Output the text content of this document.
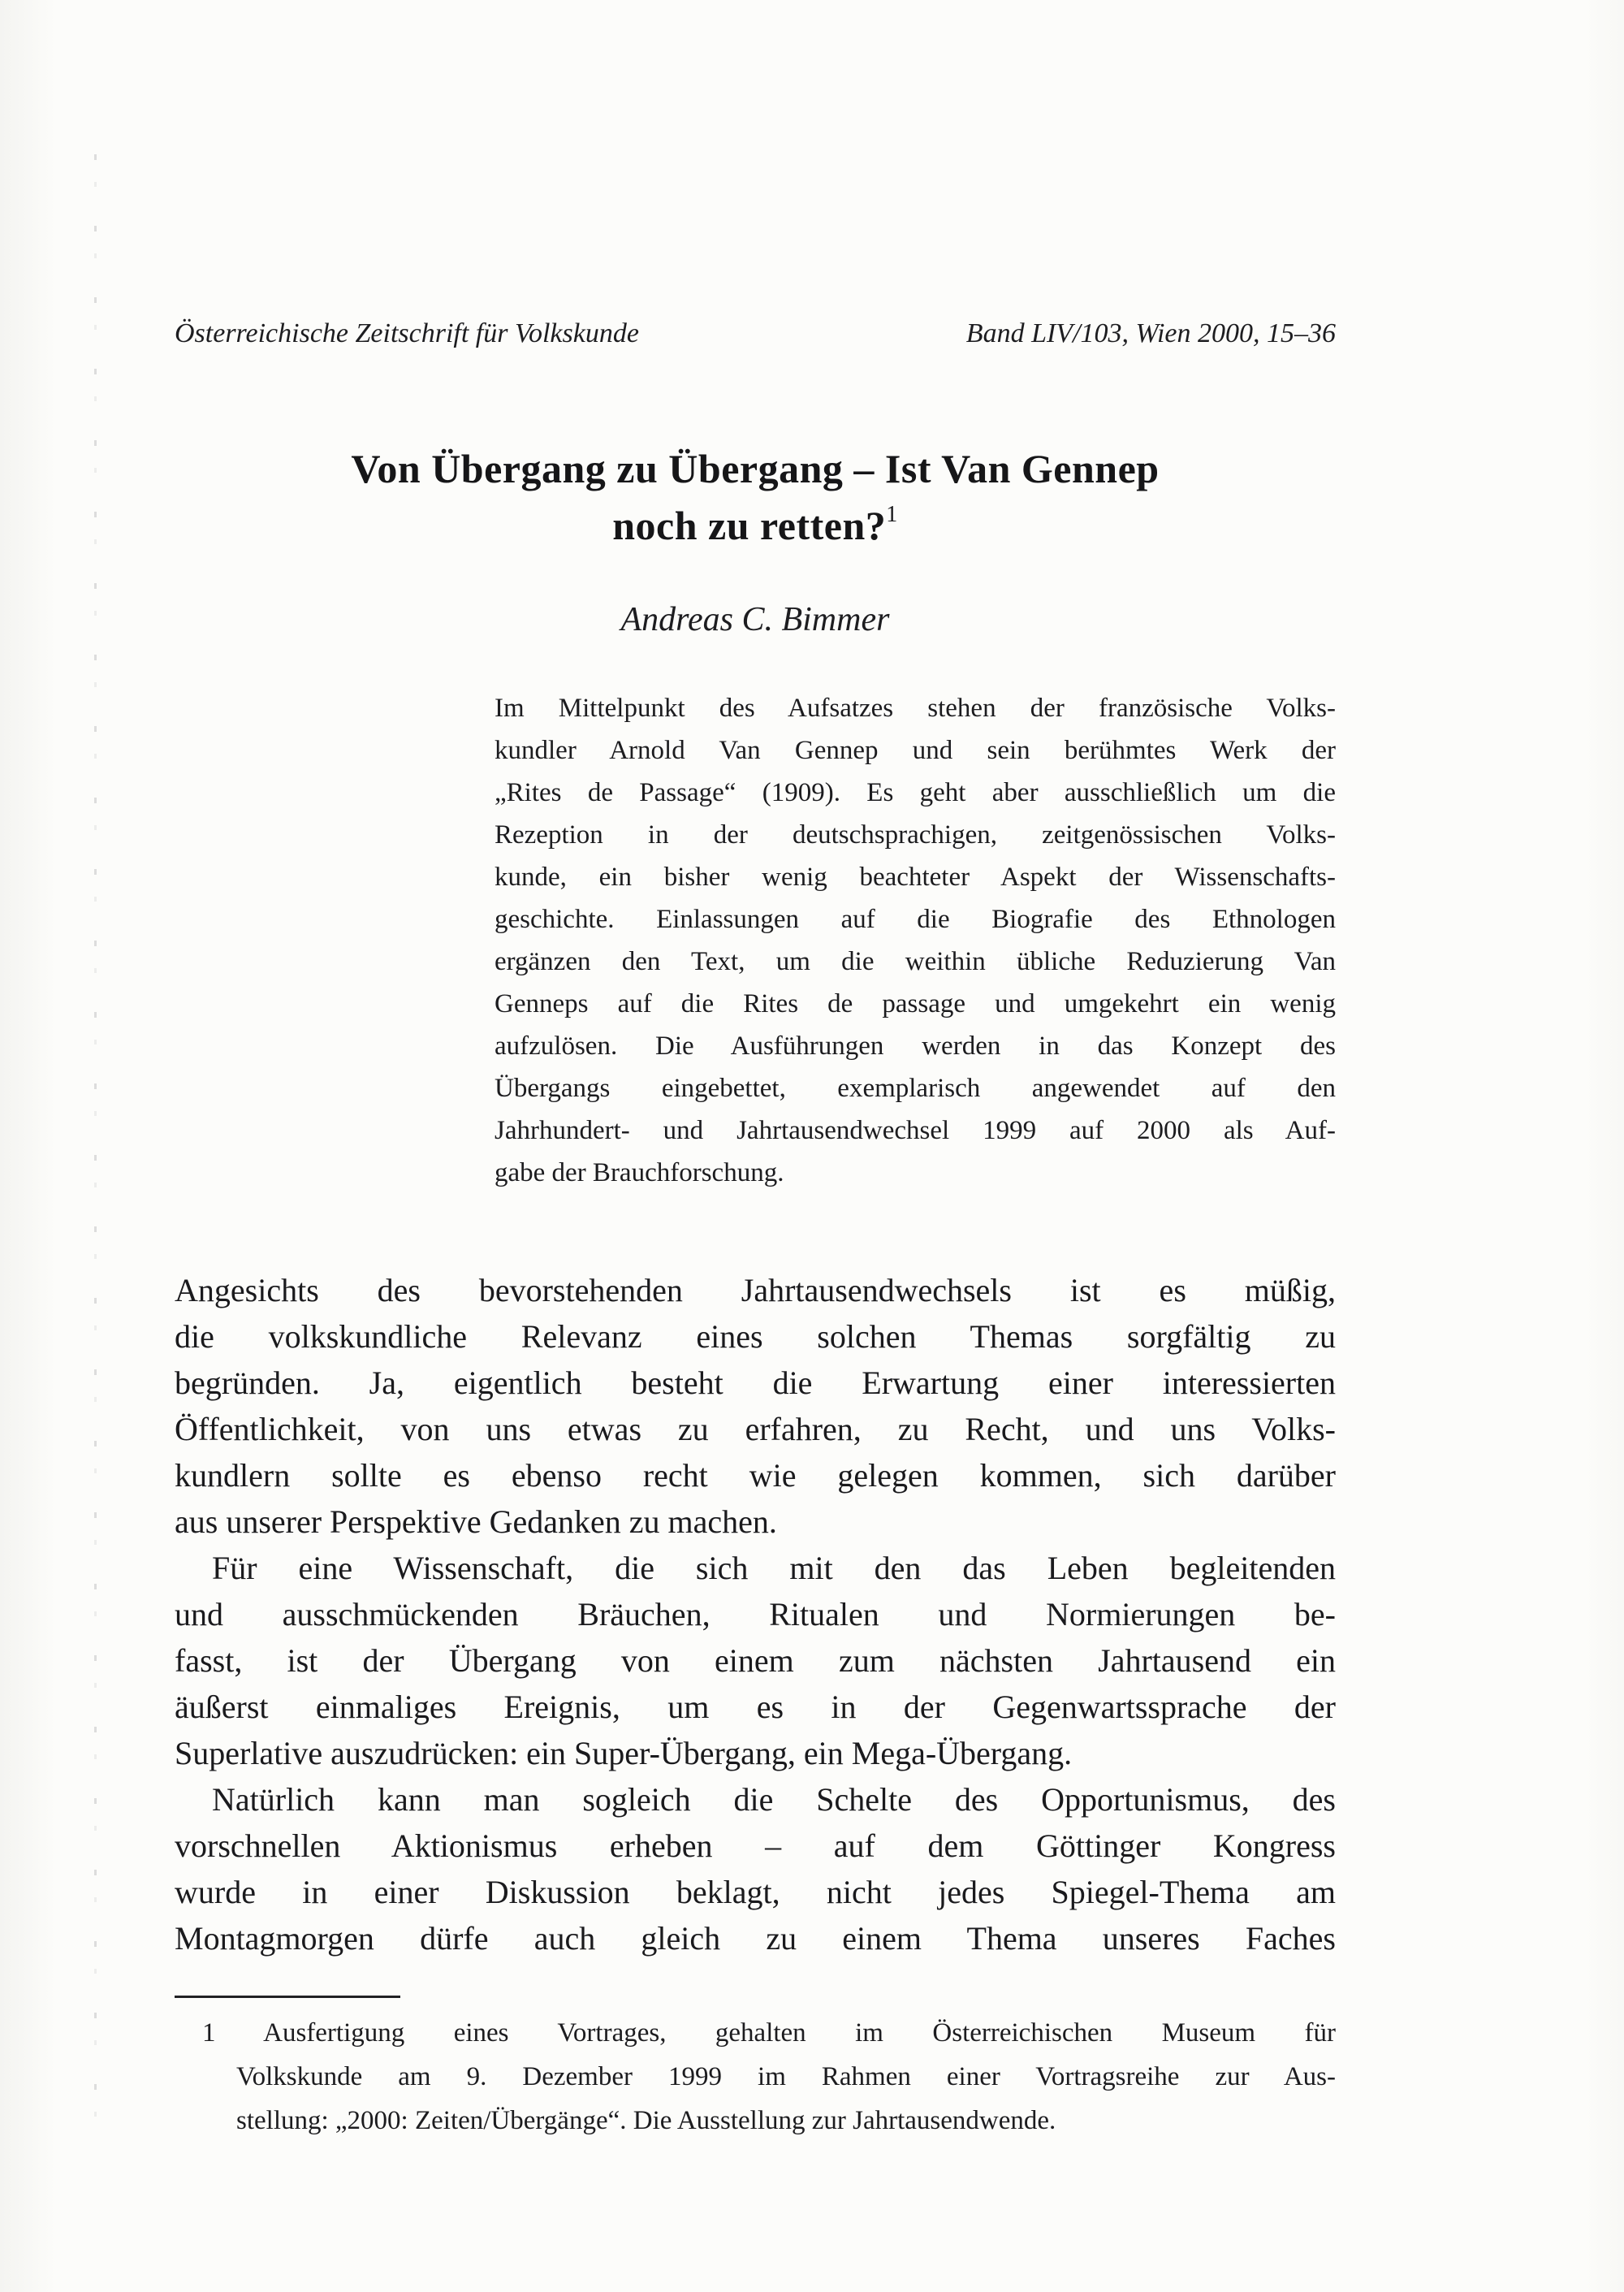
Österreichische Zeitschrift für Volkskunde	Band LIV/103, Wien 2000, 15–36
Von Übergang zu Übergang – Ist Van Gennep
noch zu retten?$^1$
Andreas C. Bimmer
Im Mittelpunkt des Aufsatzes stehen der französische Volks-
kundler Arnold Van Gennep und sein berühmtes Werk der
„Rites de Passage“ (1909). Es geht aber ausschließlich um die
Rezeption in der deutschsprachigen, zeitgenössischen Volks-
kunde, ein bisher wenig beachteter Aspekt der Wissenschafts-
geschichte. Einlassungen auf die Biografie des Ethnologen
ergänzen den Text, um die weithin übliche Reduzierung Van
Genneps auf die Rites de passage und umgekehrt ein wenig
aufzulösen. Die Ausführungen werden in das Konzept des
Übergangs eingebettet, exemplarisch angewendet auf den
Jahrhundert- und Jahrtausendwechsel 1999 auf 2000 als Auf-
gabe der Brauchforschung.
Angesichts des bevorstehenden Jahrtausendwechsels ist es müßig,
die volkskundliche Relevanz eines solchen Themas sorgfältig zu
begründen. Ja, eigentlich besteht die Erwartung einer interessierten
Öffentlichkeit, von uns etwas zu erfahren, zu Recht, und uns Volks-
kundlern sollte es ebenso recht wie gelegen kommen, sich darüber
aus unserer Perspektive Gedanken zu machen.
Für eine Wissenschaft, die sich mit den das Leben begleitenden
und ausschmückenden Bräuchen, Ritualen und Normierungen be-
fasst, ist der Übergang von einem zum nächsten Jahrtausend ein
äußerst einmaliges Ereignis, um es in der Gegenwartssprache der
Superlative auszudrücken: ein Super-Übergang, ein Mega-Übergang.
Natürlich kann man sogleich die Schelte des Opportunismus, des
vorschnellen Aktionismus erheben – auf dem Göttinger Kongress
wurde in einer Diskussion beklagt, nicht jedes Spiegel-Thema am
Montagmorgen dürfe auch gleich zu einem Thema unseres Faches
1 Ausfertigung eines Vortrages, gehalten im Österreichischen Museum für
Volkskunde am 9. Dezember 1999 im Rahmen einer Vortragsreihe zur Aus-
stellung: „2000: Zeiten/Übergänge“. Die Ausstellung zur Jahrtausendwende.
